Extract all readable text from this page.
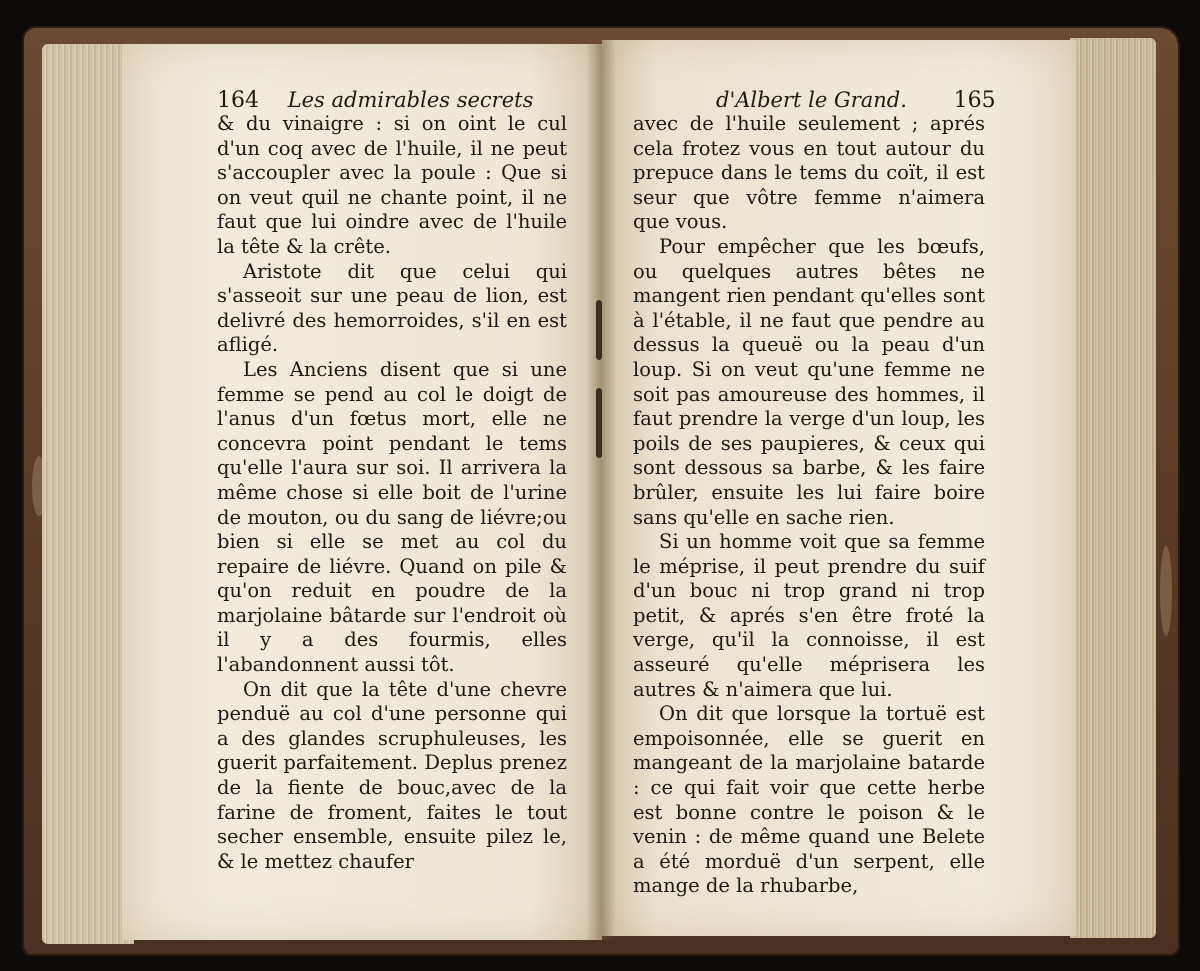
164 Les admirables secrets	d'Albert le Grand. 165

& du vinaigre : si on oint le cul d'un coq avec de l'huile, il ne peut s'accoupler avec la poule : Que si on veut quil ne chante point, il ne faut que lui oindre avec de l'huile la tête & la crête.

Aristote dit que celui qui s'asseoit sur une peau de lion, est delivré des hemorroides, s'il en est afligé.

Les Anciens disent que si une femme se pend au col le doigt de l'anus d'un fœtus mort, elle ne concevra point pendant le tems qu'elle l'aura sur soi. Il arrivera la même chose si elle boit de l'urine de mouton, ou du sang de liévre;ou bien si elle se met au col du repaire de liévre. Quand on pile & qu'on reduit en poudre de la marjolaine bâtarde sur l'endroit où il y a des fourmis, elles l'abandonnent aussi tôt.

On dit que la tête d'une chevre penduë au col d'une personne qui a des glandes scruphuleuses, les guerit parfaitement. Deplus prenez de la fiente de bouc,avec de la farine de froment, faites le tout secher ensemble, ensuite pilez le, & le mettez chaufer

avec de l'huile seulement ; aprés cela frotez vous en tout autour du prepuce dans le tems du coït, il est seur que vôtre femme n'aimera que vous.

Pour empêcher que les bœufs, ou quelques autres bêtes ne mangent rien pendant qu'elles sont à l'étable, il ne faut que pendre au dessus la queuë ou la peau d'un loup. Si on veut qu'une femme ne soit pas amoureuse des hommes, il faut prendre la verge d'un loup, les poils de ses paupieres, & ceux qui sont dessous sa barbe, & les faire brûler, ensuite les lui faire boire sans qu'elle en sache rien.

Si un homme voit que sa femme le méprise, il peut prendre du suif d'un bouc ni trop grand ni trop petit, & aprés s'en être froté la verge, qu'il la connoisse, il est asseuré qu'elle méprisera les autres & n'aimera que lui.

On dit que lorsque la tortuë est empoisonnée, elle se guerit en mangeant de la marjolaine batarde : ce qui fait voir que cette herbe est bonne contre le poison & le venin : de même quand une Belete a été morduë d'un serpent, elle mange de la rhubarbe,
